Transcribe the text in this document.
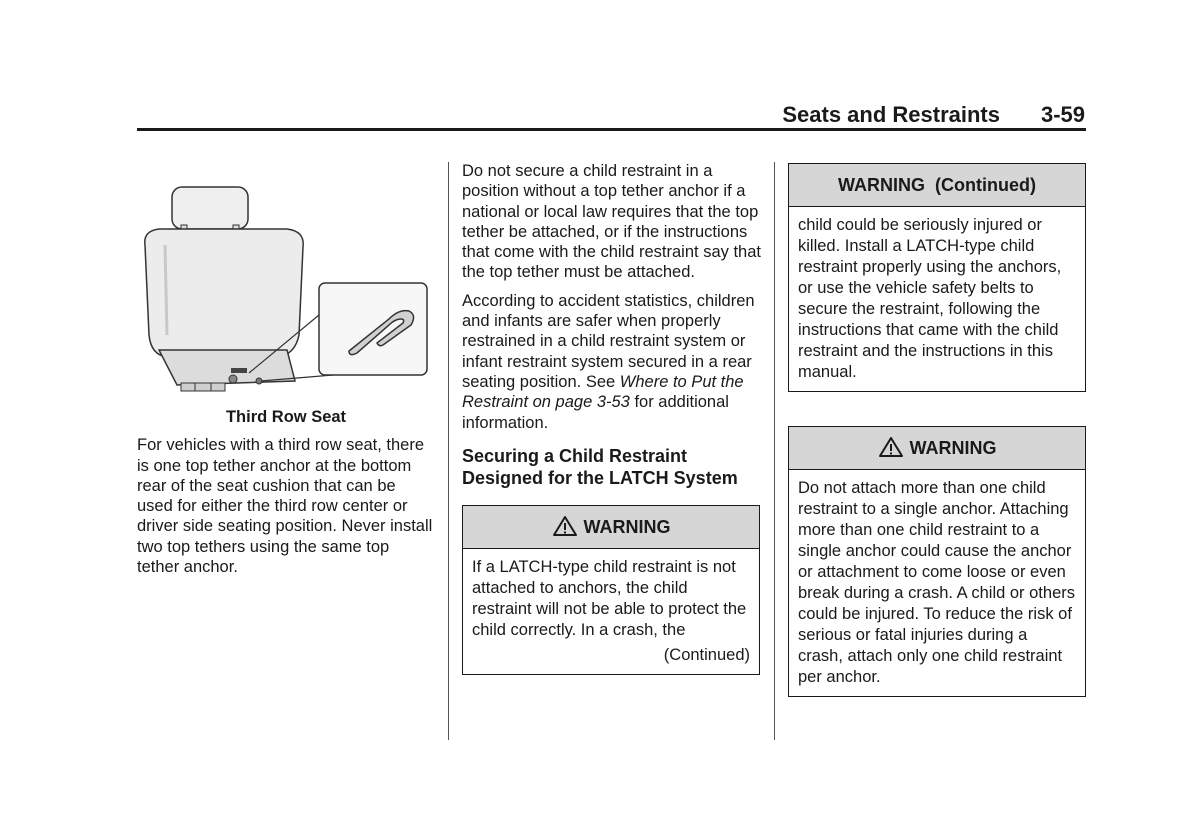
Seats and Restraints	3-59

Third Row Seat

For vehicles with a third row seat, there is one top tether anchor at the bottom rear of the seat cushion that can be used for either the third row center or driver side seating position. Never install two top tethers using the same top tether anchor.

Do not secure a child restraint in a position without a top tether anchor if a national or local law requires that the top tether be attached, or if the instructions that come with the child restraint say that the top tether must be attached.

According to accident statistics, children and infants are safer when properly restrained in a child restraint system or infant restraint system secured in a rear seating position. See Where to Put the Restraint on page 3-53 for additional information.

Securing a Child Restraint Designed for the LATCH System
WARNING
If a LATCH-type child restraint is not attached to anchors, the child restraint will not be able to protect the child correctly. In a crash, the
(Continued)
WARNING  (Continued)
child could be seriously injured or killed. Install a LATCH-type child restraint properly using the anchors, or use the vehicle safety belts to secure the restraint, following the instructions that came with the child restraint and the instructions in this manual.
WARNING
Do not attach more than one child restraint to a single anchor. Attaching more than one child restraint to a single anchor could cause the anchor or attachment to come loose or even break during a crash. A child or others could be injured. To reduce the risk of serious or fatal injuries during a crash, attach only one child restraint per anchor.
